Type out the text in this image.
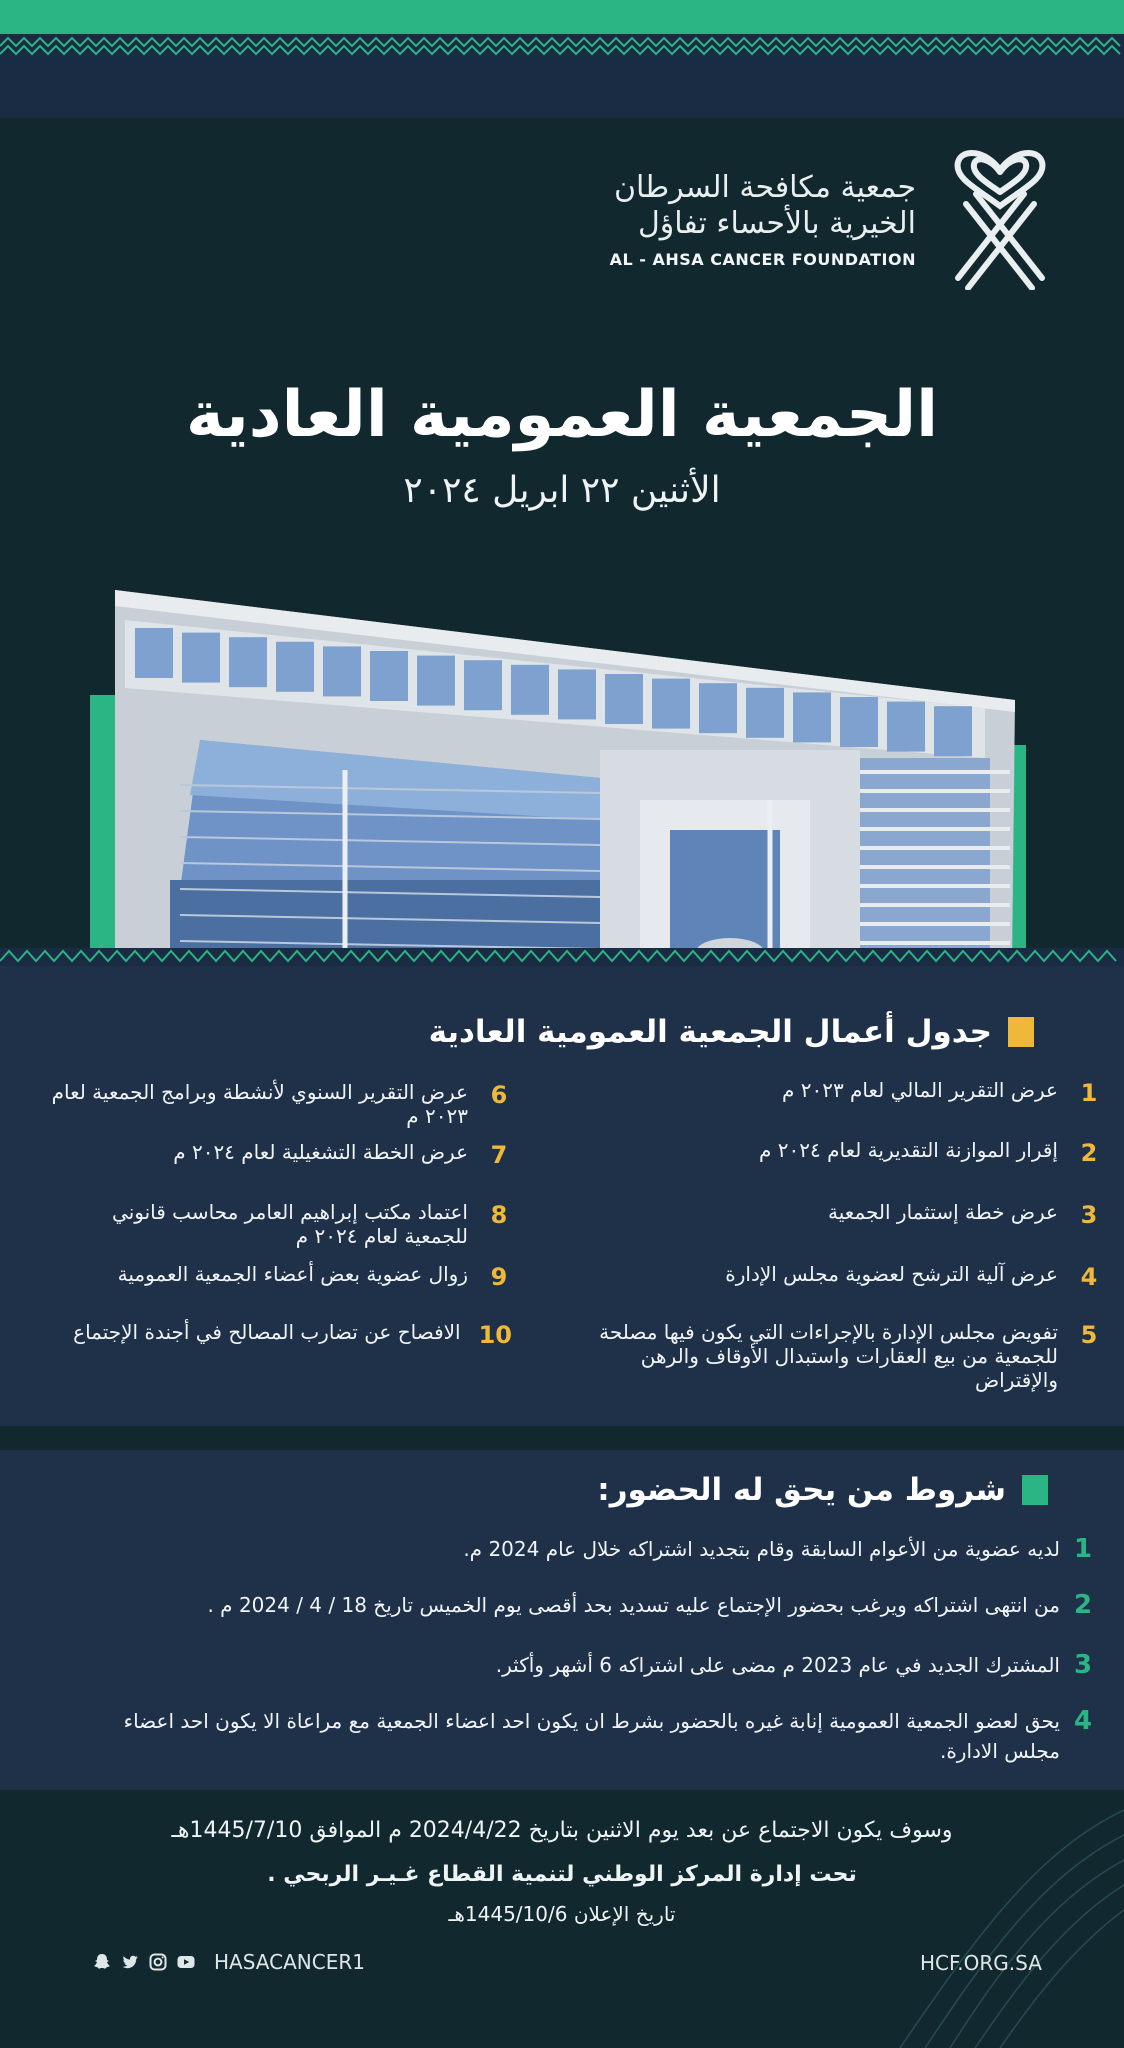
جمعية مكافحة السرطان
الخيرية بالأحساء تفاؤل
AL - AHSA CANCER FOUNDATION
الجمعية العمومية العادية
الأثنين ٢٢ ابريل ٢٠٢٤
جدول أعمال الجمعية العمومية العادية
1
عرض التقرير المالي لعام ٢٠٢٣ م
2
إقرار الموازنة التقديرية لعام ٢٠٢٤ م
3
عرض خطة إستثمار الجمعية
4
عرض آلية الترشح لعضوية مجلس الإدارة
5
تفويض مجلس الإدارة بالإجراءات التي يكون فيها مصلحة للجمعية من بيع العقارات واستبدال الأوقاف والرهن والإقتراض
6
عرض التقرير السنوي لأنشطة وبرامج الجمعية لعام ٢٠٢٣ م
7
عرض الخطة التشغيلية لعام ٢٠٢٤ م
8
اعتماد مكتب إبراهيم العامر محاسب قانوني للجمعية لعام ٢٠٢٤ م
9
زوال عضوية بعض أعضاء الجمعية العمومية
10
الافصاح عن تضارب المصالح في أجندة الإجتماع
شروط من يحق له الحضور:
1
لديه عضوية من الأعوام السابقة وقام بتجديد اشتراكه خلال عام 2024 م.
2
من انتهى اشتراكه ويرغب بحضور الإجتماع عليه تسديد بحد أقصى يوم الخميس تاريخ 18 / 4 / 2024 م .
3
المشترك الجديد في عام 2023 م مضى على اشتراكه 6 أشهر وأكثر.
4
يحق لعضو الجمعية العمومية إنابة غيره بالحضور بشرط ان يكون احد اعضاء الجمعية مع مراعاة الا يكون احد اعضاء مجلس الادارة.
وسوف يكون الاجتماع عن بعد يوم الاثنين بتاريخ 2024/4/22 م الموافق 1445/7/10هـ
تحت إدارة المركز الوطني لتنمية القطاع غـيـر الربحي .
تاريخ الإعلان 1445/10/6هـ
HCF.ORG.SA
HASACANCER1
